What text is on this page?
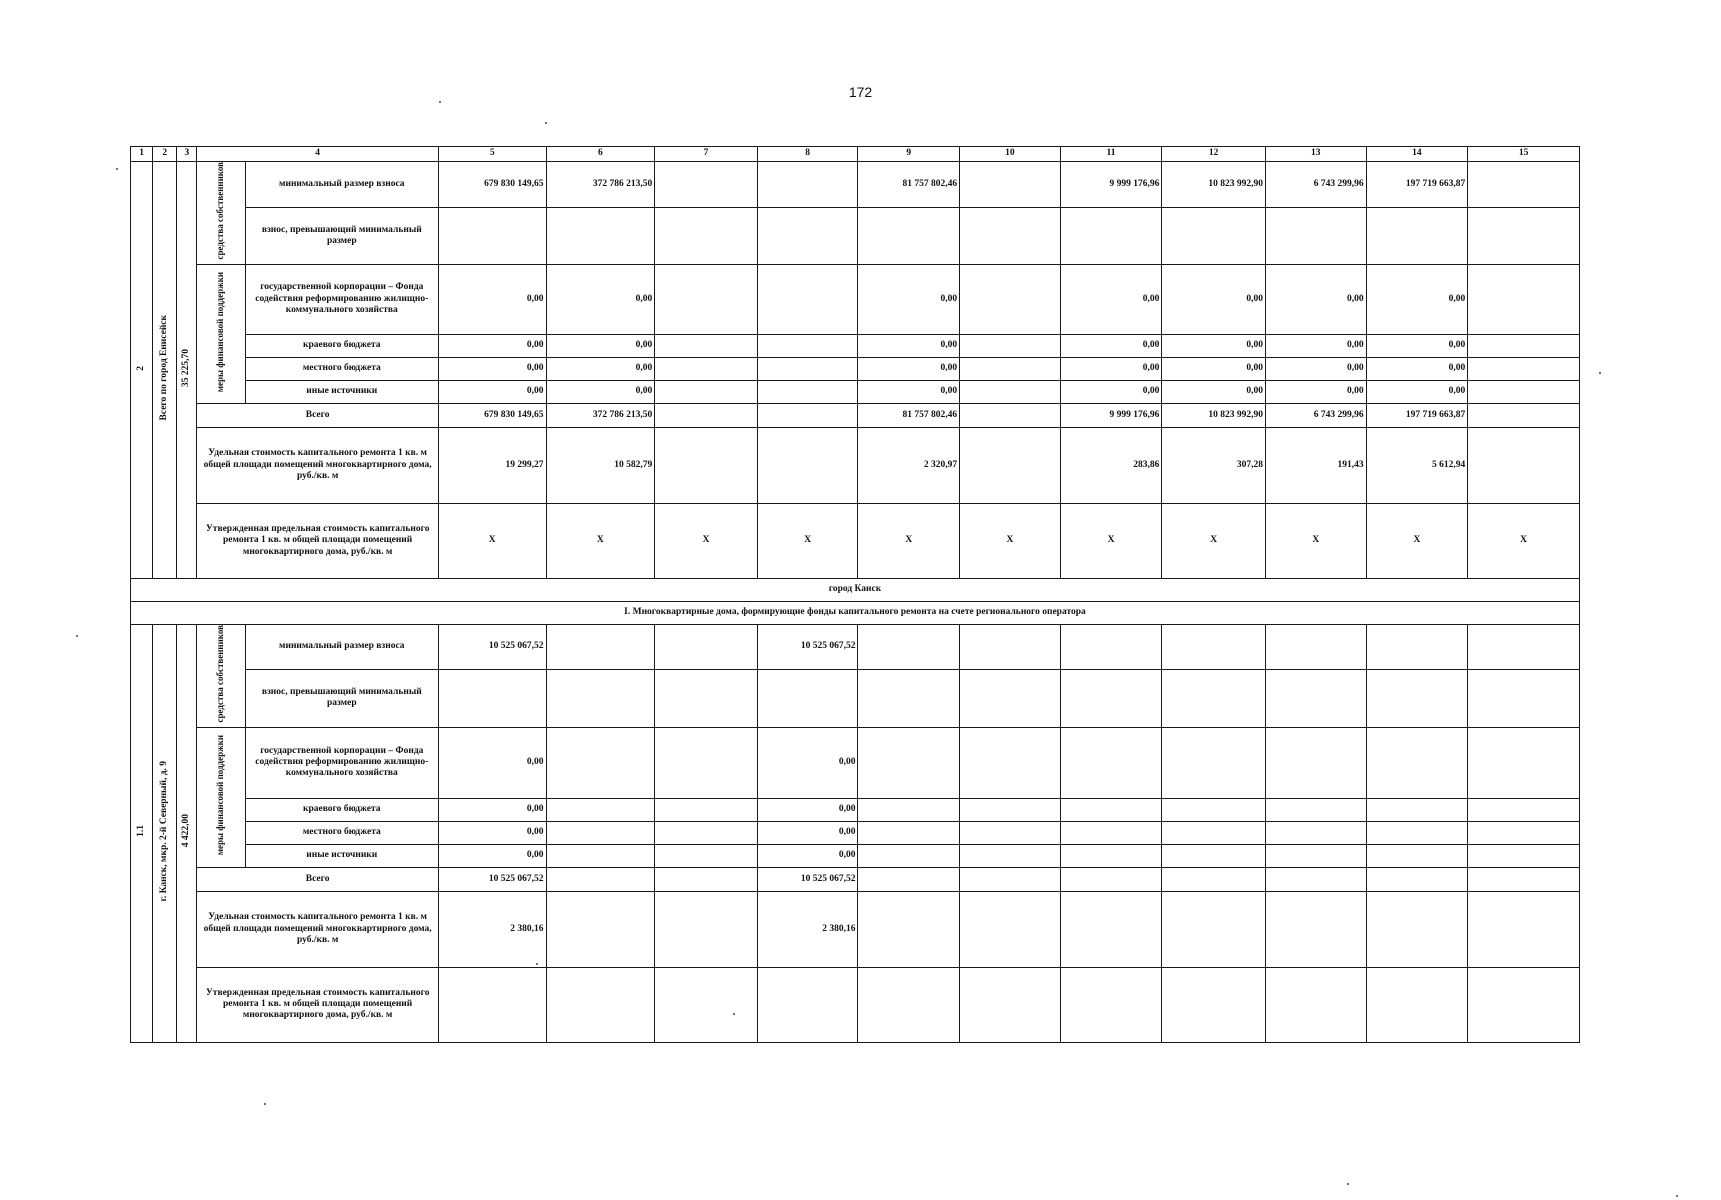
172
1	2	3	4		5	6	7	8	9	10	11	12	13	14	15
2	Всего по город Енисейск	35 225,70	средства собственников	минимальный размер взноса	679 830 149,65	372 786 213,50			81 757 802,46		9 999 176,96	10 823 992,90	6 743 299,96	197 719 663,87	
				взнос, превышающий минимальный размер											
			меры финансовой поддержки	государственной корпорации – Фонда содействия реформированию жилищно-коммунального хозяйства	0,00	0,00			0,00		0,00	0,00	0,00	0,00	
				краевого бюджета	0,00	0,00			0,00		0,00	0,00	0,00	0,00	
				местного бюджета	0,00	0,00			0,00		0,00	0,00	0,00	0,00	
				иные источники	0,00	0,00			0,00		0,00	0,00	0,00	0,00	
			Всего		679 830 149,65	372 786 213,50			81 757 802,46		9 999 176,96	10 823 992,90	6 743 299,96	197 719 663,87	
			Удельная стоимость капитального ремонта 1 кв. м общей площади помещений многоквартирного дома, руб./кв. м		19 299,27	10 582,79			2 320,97		283,86	307,28	191,43	5 612,94	
			Утвержденная предельная стоимость капитального ремонта 1 кв. м общей площади помещений многоквартирного дома, руб./кв. м		X	X	X	X	X	X	X	X	X	X	X
город Канск															
I. Многоквартирные дома, формирующие фонды капитального ремонта на счете регионального оператора															
1.1	г. Канск, мкр. 2-й Северный, д. 9	4 422,00	средства собственников	минимальный размер взноса	10 525 067,52			10 525 067,52							
				взнос, превышающий минимальный размер											
			меры финансовой поддержки	государственной корпорации – Фонда содействия реформированию жилищно-коммунального хозяйства	0,00			0,00							
				краевого бюджета	0,00			0,00							
				местного бюджета	0,00			0,00							
				иные источники	0,00			0,00							
			Всего		10 525 067,52			10 525 067,52							
			Удельная стоимость капитального ремонта 1 кв. м общей площади помещений многоквартирного дома, руб./кв. м		2 380,16			2 380,16							
			Утвержденная предельная стоимость капитального ремонта 1 кв. м общей площади помещений многоквартирного дома, руб./кв. м												
